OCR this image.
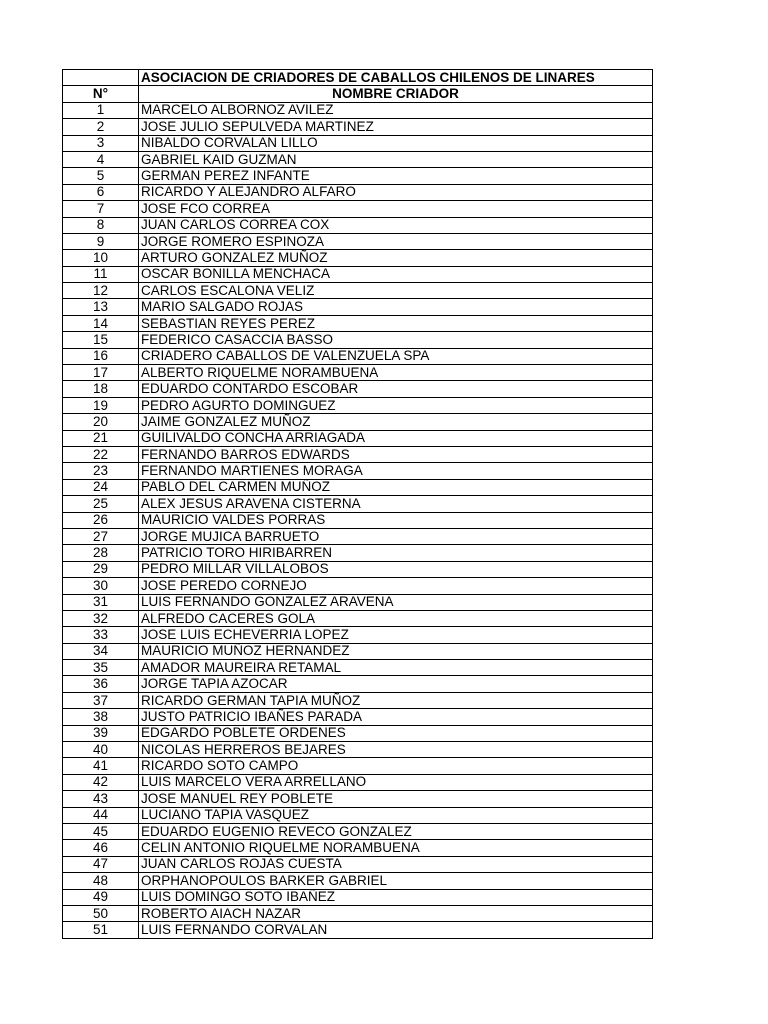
	ASOCIACION DE CRIADORES DE CABALLOS CHILENOS DE LINARES
N°	NOMBRE CRIADOR
1	MARCELO ALBORNOZ AVILEZ
2	JOSE JULIO SEPULVEDA MARTINEZ
3	NIBALDO CORVALAN LILLO
4	GABRIEL KAID GUZMAN
5	GERMAN PEREZ INFANTE
6	RICARDO Y ALEJANDRO ALFARO
7	JOSE FCO CORREA
8	JUAN CARLOS CORREA COX
9	JORGE ROMERO ESPINOZA
10	ARTURO GONZALEZ MUÑOZ
11	OSCAR BONILLA MENCHACA
12	CARLOS ESCALONA VELIZ
13	MARIO SALGADO ROJAS
14	SEBASTIAN REYES PEREZ
15	FEDERICO CASACCIA BASSO
16	CRIADERO CABALLOS DE VALENZUELA SPA
17	ALBERTO RIQUELME NORAMBUENA
18	EDUARDO CONTARDO ESCOBAR
19	PEDRO AGURTO DOMINGUEZ
20	JAIME GONZALEZ MUÑOZ
21	GUILIVALDO CONCHA ARRIAGADA
22	FERNANDO BARROS EDWARDS
23	FERNANDO MARTIENES MORAGA
24	PABLO DEL CARMEN MUÑOZ
25	ALEX JESUS ARAVENA CISTERNA
26	MAURICIO VALDES PORRAS
27	JORGE MUJICA BARRUETO
28	PATRICIO TORO HIRIBARREN
29	PEDRO MILLAR VILLALOBOS
30	JOSE PEREDO CORNEJO
31	LUIS FERNANDO GONZALEZ ARAVENA
32	ALFREDO CACERES GOLA
33	JOSE LUIS ECHEVERRIA LOPEZ
34	MAURICIO MUÑOZ HERNANDEZ
35	AMADOR MAUREIRA RETAMAL
36	JORGE TAPIA AZOCAR
37	RICARDO GERMAN TAPIA MUÑOZ
38	JUSTO PATRICIO IBAÑES PARADA
39	EDGARDO POBLETE ORDENES
40	NICOLAS HERREROS BEJARES
41	RICARDO SOTO CAMPO
42	LUIS MARCELO VERA ARRELLANO
43	JOSE MANUEL REY POBLETE
44	LUCIANO TAPIA VASQUEZ
45	EDUARDO EUGENIO REVECO GONZALEZ
46	CELIN ANTONIO RIQUELME NORAMBUENA
47	JUAN CARLOS ROJAS CUESTA
48	ORPHANOPOULOS BARKER GABRIEL
49	LUIS DOMINGO SOTO IBAÑEZ
50	ROBERTO AIACH NAZAR
51	LUIS FERNANDO CORVALAN
